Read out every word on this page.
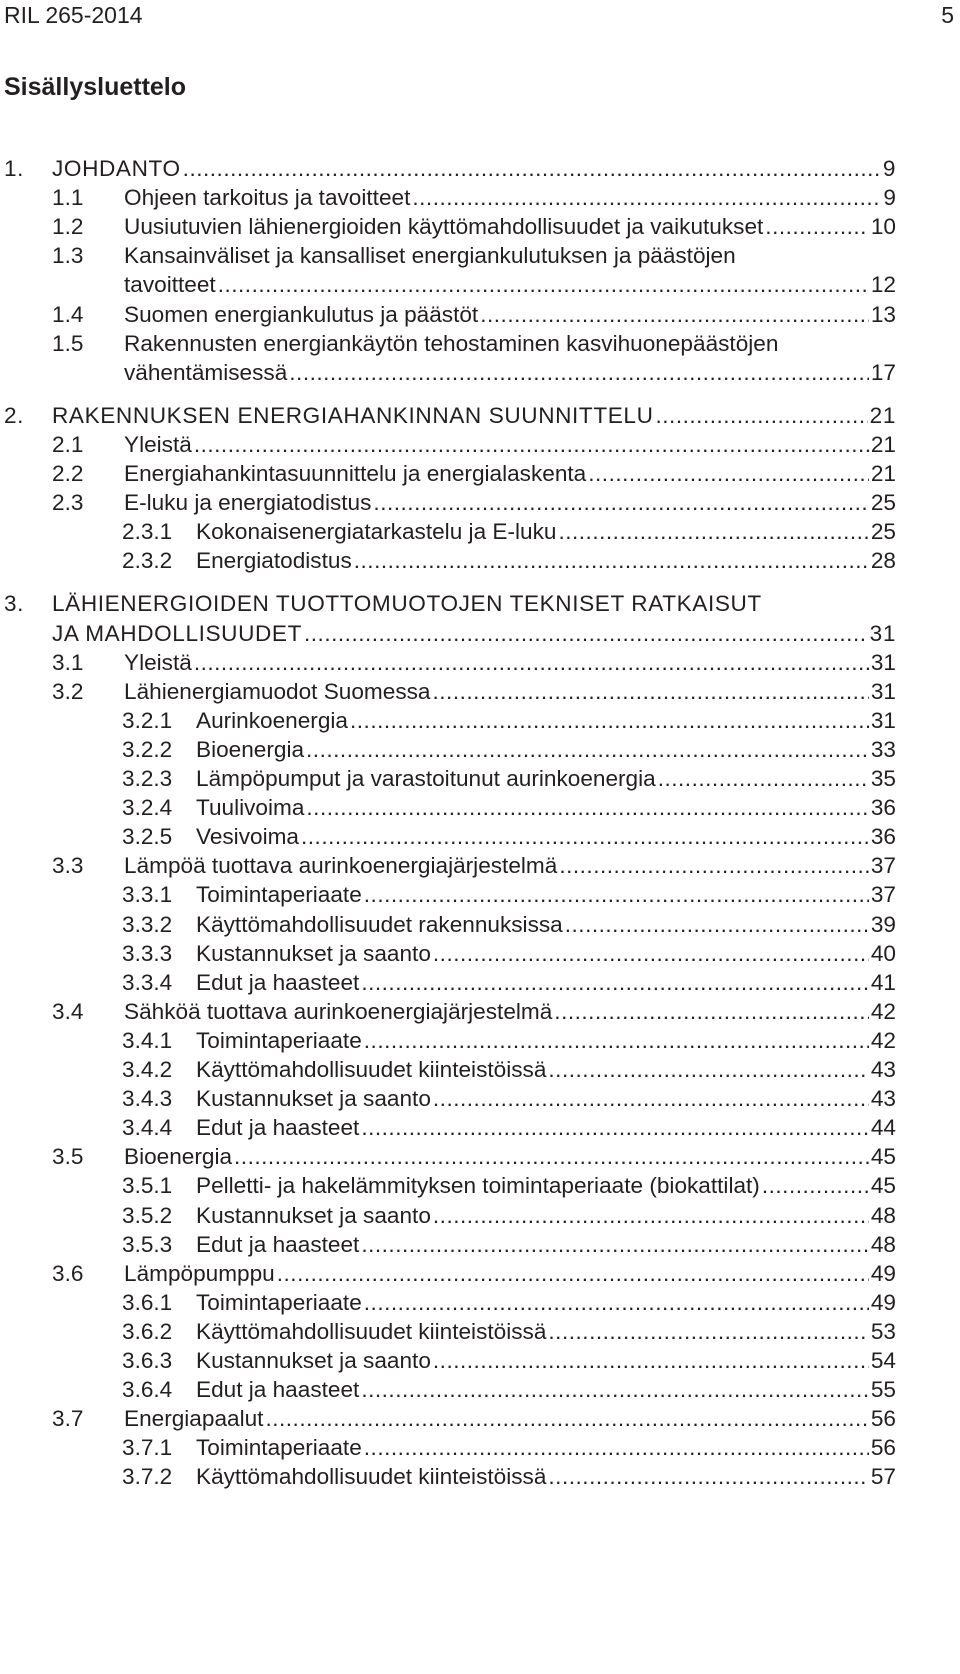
RIL 265-2014	5
Sisällysluettelo
1. JOHDANTO .....	9
1.1 Ohjeen tarkoitus ja tavoitteet .....	9
1.2 Uusiutuvien lähienergioiden käyttömahdollisuudet ja vaikutukset .....	10
1.3 Kansainväliset ja kansalliset energiankulutuksen ja päästöjen
tavoitteet .....	12
1.4 Suomen energiankulutus ja päästöt .....	13
1.5 Rakennusten energiankäytön tehostaminen kasvihuonepäästöjen
vähentämisessä .....	17
2. RAKENNUKSEN ENERGIAHANKINNAN SUUNNITTELU .....	21
2.1 Yleistä .....	21
2.2 Energiahankintasuunnittelu ja energialaskenta .....	21
2.3 E-luku ja energiatodistus .....	25
2.3.1 Kokonaisenergiatarkastelu ja E-luku .....	25
2.3.2 Energiatodistus .....	28
3. LÄHIENERGIOIDEN TUOTTOMUOTOJEN TEKNISET RATKAISUT
JA MAHDOLLISUUDET .....	31
3.1 Yleistä .....	31
3.2 Lähienergiamuodot Suomessa .....	31
3.2.1 Aurinkoenergia .....	31
3.2.2 Bioenergia .....	33
3.2.3 Lämpöpumput ja varastoitunut aurinkoenergia .....	35
3.2.4 Tuulivoima .....	36
3.2.5 Vesivoima .....	36
3.3 Lämpöä tuottava aurinkoenergiajärjestelmä .....	37
3.3.1 Toimintaperiaate .....	37
3.3.2 Käyttömahdollisuudet rakennuksissa .....	39
3.3.3 Kustannukset ja saanto .....	40
3.3.4 Edut ja haasteet .....	41
3.4 Sähköä tuottava aurinkoenergiajärjestelmä .....	42
3.4.1 Toimintaperiaate .....	42
3.4.2 Käyttömahdollisuudet kiinteistöissä .....	43
3.4.3 Kustannukset ja saanto .....	43
3.4.4 Edut ja haasteet .....	44
3.5 Bioenergia .....	45
3.5.1 Pelletti- ja hakelämmityksen toimintaperiaate (biokattilat) .....	45
3.5.2 Kustannukset ja saanto .....	48
3.5.3 Edut ja haasteet .....	48
3.6 Lämpöpumppu .....	49
3.6.1 Toimintaperiaate .....	49
3.6.2 Käyttömahdollisuudet kiinteistöissä .....	53
3.6.3 Kustannukset ja saanto .....	54
3.6.4 Edut ja haasteet .....	55
3.7 Energiapaalut .....	56
3.7.1 Toimintaperiaate .....	56
3.7.2 Käyttömahdollisuudet kiinteistöissä .....	57
